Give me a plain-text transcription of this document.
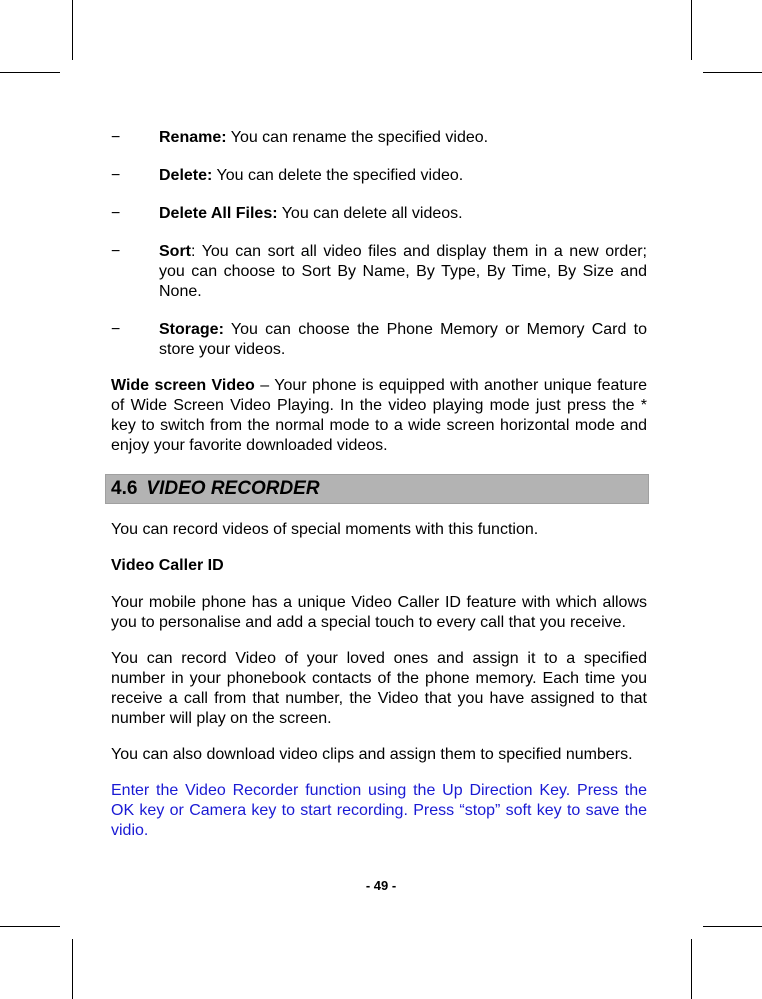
− Rename: You can rename the specified video.
− Delete: You can delete the specified video.
− Delete All Files: You can delete all videos.
− Sort: You can sort all video files and display them in a new order; you can choose to Sort By Name, By Type, By Time, By Size and None.
− Storage: You can choose the Phone Memory or Memory Card to store your videos.
Wide screen Video – Your phone is equipped with another unique feature of Wide Screen Video Playing. In the video playing mode just press the * key to switch from the normal mode to a wide screen horizontal mode and enjoy your favorite downloaded videos.
4.6 VIDEO RECORDER
You can record videos of special moments with this function.
Video Caller ID
Your mobile phone has a unique Video Caller ID feature with which allows you to personalise and add a special touch to every call that you receive.
You can record Video of your loved ones and assign it to a specified number in your phonebook contacts of the phone memory. Each time you receive a call from that number, the Video that you have assigned to that number will play on the screen.
You can also download video clips and assign them to specified numbers.
Enter the Video Recorder function using the Up Direction Key. Press the OK key or Camera key to start recording. Press “stop” soft key to save the vidio.
- 49 -
